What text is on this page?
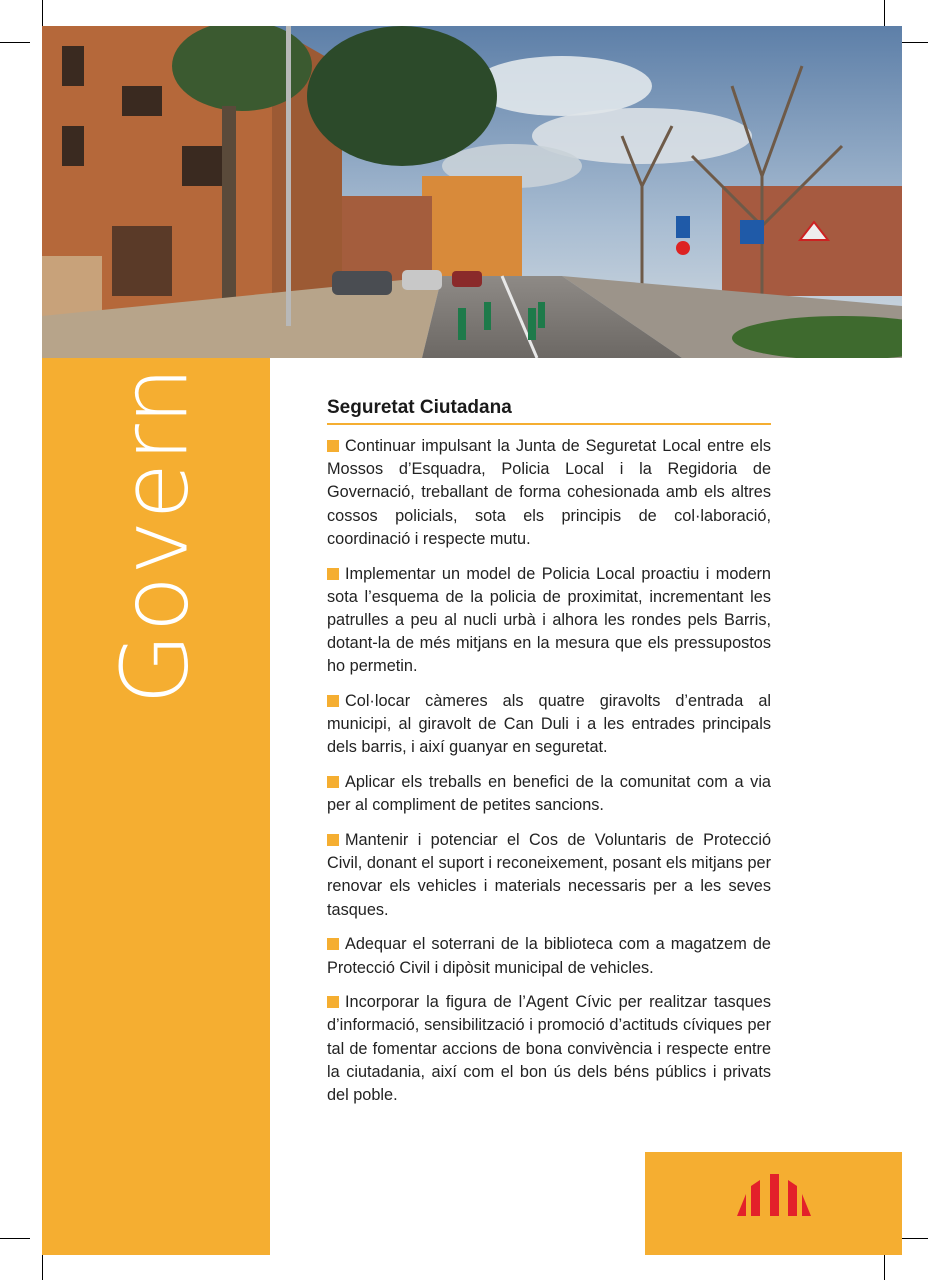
Govern	Seguretat Ciutadana

Continuar impulsant la Junta de Seguretat Local entre els Mossos d’Esquadra, Policia Local i la Regidoria de Governació, treballant de forma cohesionada amb els altres cossos policials, sota els principis de col·laboració, coordinació i respecte mutu.

Implementar un model de Policia Local proactiu i modern sota l’esquema de la policia de proximitat, incrementant les patrulles a peu al nucli urbà i alhora les rondes pels Barris, dotant-la de més mitjans en la mesura que els pressupostos ho permetin.

Col·locar càmeres als quatre giravolts d’entrada al municipi, al giravolt de Can Duli i a les entrades principals dels barris, i així guanyar en seguretat.

Aplicar els treballs en benefici de la comunitat com a via per al compliment de petites sancions.

Mantenir i potenciar el Cos de Voluntaris de Protecció Civil, donant el suport i reconeixement, posant els mitjans per renovar els vehicles i materials necessaris per a les seves tasques.

Adequar el soterrani de la biblioteca com a magatzem de Protecció Civil i dipòsit municipal de vehicles.

Incorporar la figura de l’Agent Cívic per realitzar tasques d’informació, sensibilització i promoció d’actituds cíviques per tal de fomentar accions de bona convivència i respecte entre la ciutadania, així com el bon ús dels béns públics i privats del poble.
